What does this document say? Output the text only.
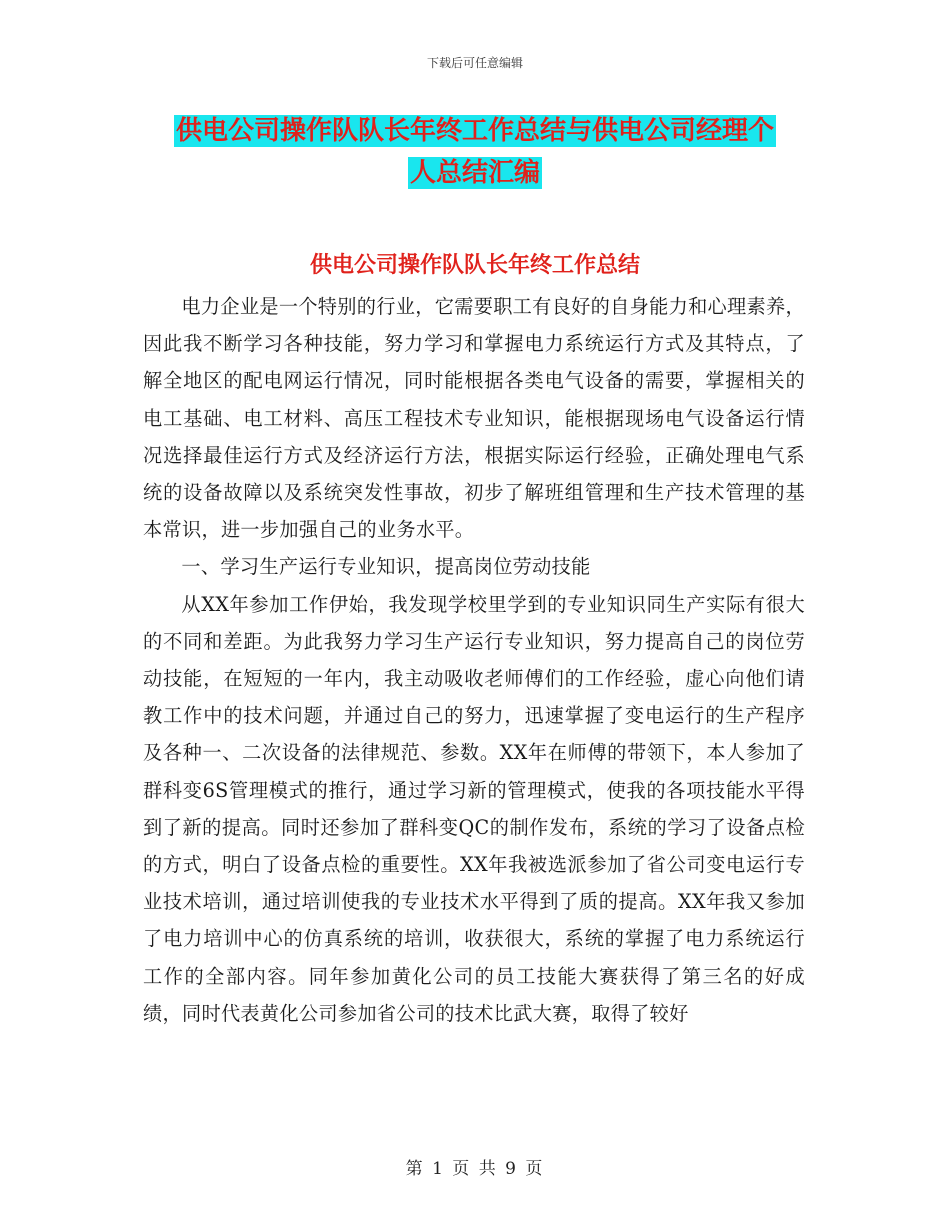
下载后可任意编辑
供电公司操作队队长年终工作总结与供电公司经理个
人总结汇编
供电公司操作队队长年终工作总结

电力企业是一个特别的行业，它需要职工有良好的自身能力和心理素养，因此我不断学习各种技能，努力学习和掌握电力系统运行方式及其特点，了解全地区的配电网运行情况，同时能根据各类电气设备的需要，掌握相关的电工基础、电工材料、高压工程技术专业知识，能根据现场电气设备运行情况选择最佳运行方式及经济运行方法，根据实际运行经验，正确处理电气系统的设备故障以及系统突发性事故，初步了解班组管理和生产技术管理的基本常识，进一步加强自己的业务水平。

一、学习生产运行专业知识，提高岗位劳动技能

从XX年参加工作伊始，我发现学校里学到的专业知识同生产实际有很大的不同和差距。为此我努力学习生产运行专业知识，努力提高自己的岗位劳动技能，在短短的一年内，我主动吸收老师傅们的工作经验，虚心向他们请教工作中的技术问题，并通过自己的努力，迅速掌握了变电运行的生产程序及各种一、二次设备的法律规范、参数。XX年在师傅的带领下，本人参加了群科变6S管理模式的推行，通过学习新的管理模式，使我的各项技能水平得到了新的提高。同时还参加了群科变QC的制作发布，系统的学习了设备点检的方式，明白了设备点检的重要性。XX年我被选派参加了省公司变电运行专业技术培训，通过培训使我的专业技术水平得到了质的提高。XX年我又参加了电力培训中心的仿真系统的培训，收获很大，系统的掌握了电力系统运行工作的全部内容。同年参加黄化公司的员工技能大赛获得了第三名的好成绩，同时代表黄化公司参加省公司的技术比武大赛，取得了较好

第 1 页 共 9 页
